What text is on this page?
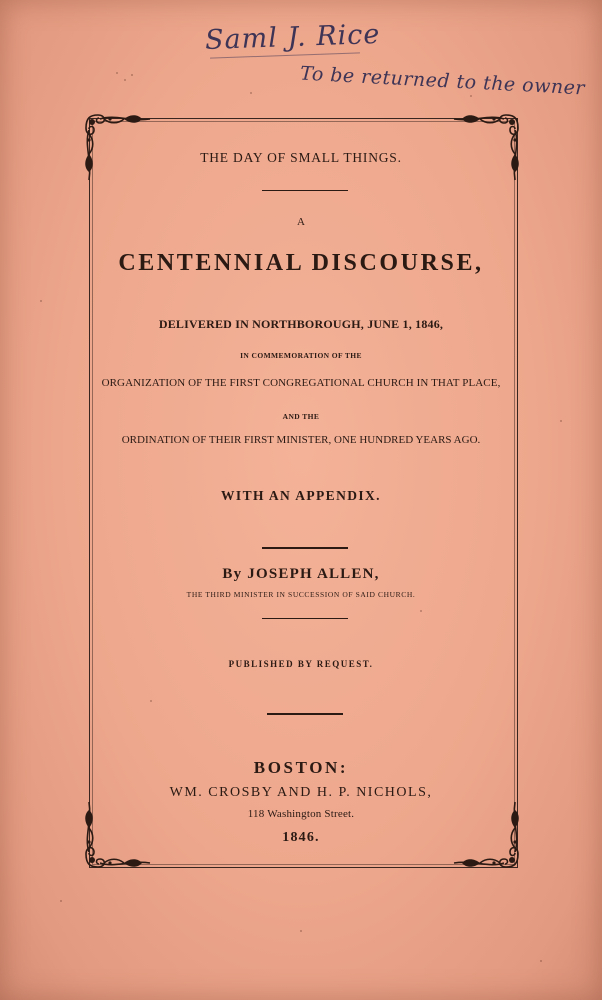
Saml J. Rice
To be returned to the owner
THE DAY OF SMALL THINGS.
A
CENTENNIAL DISCOURSE,
DELIVERED IN NORTHBOROUGH, JUNE 1, 1846,
IN COMMEMORATION OF THE
ORGANIZATION OF THE FIRST CONGREGATIONAL CHURCH IN THAT PLACE,
AND THE
ORDINATION OF THEIR FIRST MINISTER, ONE HUNDRED YEARS AGO.
WITH AN APPENDIX.
By JOSEPH ALLEN,
THE THIRD MINISTER IN SUCCESSION OF SAID CHURCH.
PUBLISHED BY REQUEST.
BOSTON:
WM. CROSBY AND H. P. NICHOLS,
118 Washington Street.
1846.
